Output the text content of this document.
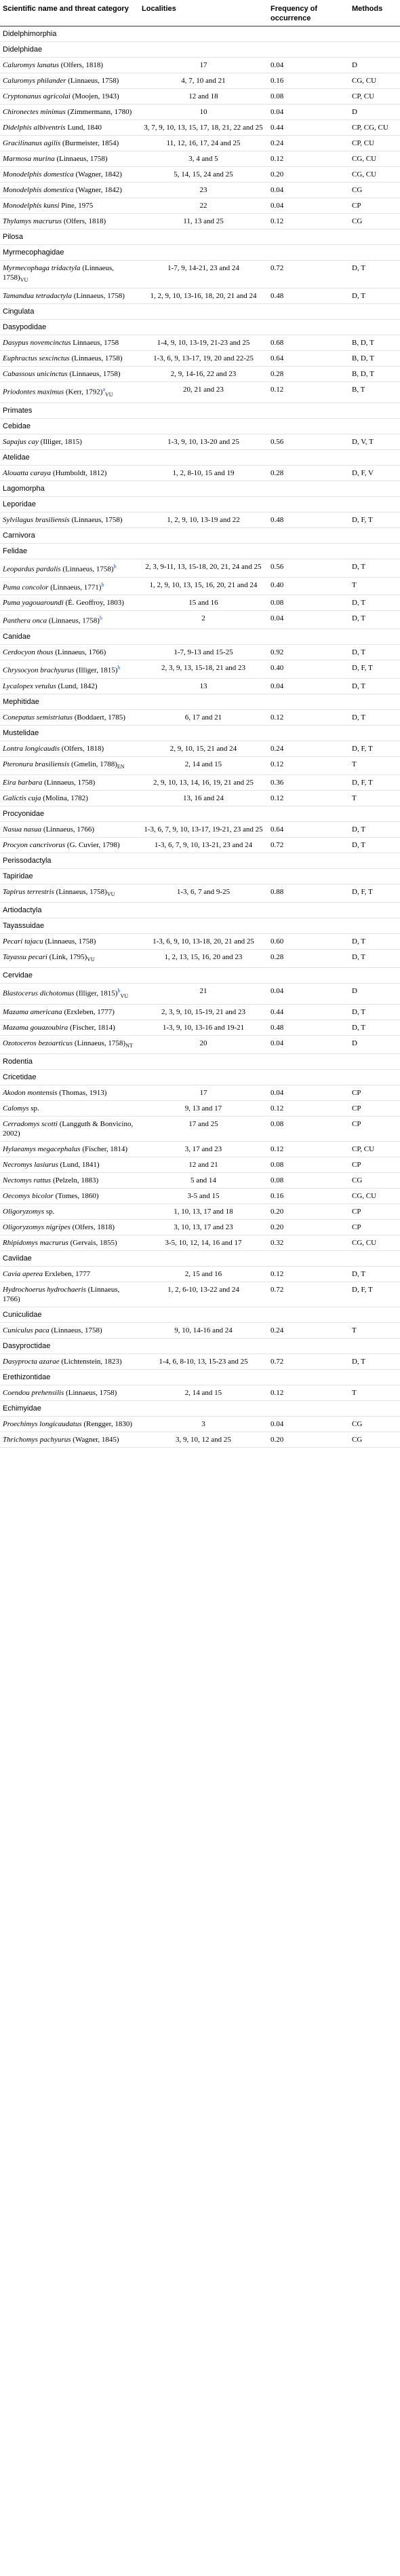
Scientific name and threat category	Localities	Frequency of occurrence	Methods
Didelphimorphia			
Didelphidae			
Caluromys lanatus (Olfers, 1818)	17	0.04	D
Caluromys philander (Linnaeus, 1758)	4, 7, 10 and 21	0.16	CG, CU
Cryptonanus agricolai (Moojen, 1943)	12 and 18	0.08	CP, CU
Chironectes minimus (Zimmermann, 1780)	10	0.04	D
Didelphis albiventris Lund, 1840	3, 7, 9, 10, 13, 15, 17, 18, 21, 22 and 25	0.44	CP, CG, CU
Gracilinanus agilis (Burmeister, 1854)	11, 12, 16, 17, 24 and 25	0.24	CP, CU
Marmosa murina (Linnaeus, 1758)	3, 4 and 5	0.12	CG, CU
Monodelphis domestica (Wagner, 1842)	5, 14, 15, 24 and 25	0.20	CG, CU
Monodelphis domestica (Wagner, 1842)	23	0.04	CG
Monodelphis kunsi Pine, 1975	22	0.04	CP
Thylamys macrurus (Olfers, 1818)	11, 13 and 25	0.12	CG
Pilosa			
Myrmecophagidae			
Myrmecophaga tridactyla (Linnaeus, $1758)_{VU}$	1-7, 9, 14-21, 23 and 24	0.72	D, T
Tamandua tetradactyla (Linnaeus, 1758)	1, 2, 9, 10, 13-16, 18, 20, 21 and 24	0.48	D, T
Cingulata			
Dasypodidae			
Dasypus novemcinctus Linnaeus, 1758	1-4, 9, 10, 13-19, 21-23 and 25	0.68	B, D, T
Euphractus sexcinctus (Linnaeus, 1758)	1-3, 6, 9, 13-17, 19, 20 and 22-25	0.64	B, D, T
Cabassous unicinctus (Linnaeus, 1758)	2, 9, 14-16, 22 and 23	0.28	B, D, T
Priodontes maximus (Kerr, 1792)$^a_{VU}$	20, 21 and 23	0.12	B, T
Primates			
Cebidae			
Sapajus cay (Illiger, 1815)	1-3, 9, 10, 13-20 and 25	0.56	D, V, T
Atelidae			
Alouatta caraya (Humboldt, 1812)	1, 2, 8-10, 15 and 19	0.28	D, F, V
Lagomorpha			
Leporidae			
Sylvilagus brasiliensis (Linnaeus, 1758)	1, 2, 9, 10, 13-19 and 22	0.48	D, F, T
Carnivora			
Felidae			
Leopardus pardalis (Linnaeus, 1758)$^b$	2, 3, 9-11, 13, 15-18, 20, 21, 24 and 25	0.56	D, T
Puma concolor (Linnaeus, 1771)$^b$	1, 2, 9, 10, 13, 15, 16, 20, 21 and 24	0.40	T
Puma yagouaroundi (É. Geoffroy, 1803)	15 and 16	0.08	D, T
Panthera onca (Linnaeus, 1758)$^b$	2	0.04	D, T
Canidae			
Cerdocyon thous (Linnaeus, 1766)	1-7, 9-13 and 15-25	0.92	D, T
Chrysocyon brachyurus (Illiger, 1815)$^b$	2, 3, 9, 13, 15-18, 21 and 23	0.40	D, F, T
Lycalopex vetulus (Lund, 1842)	13	0.04	D, T
Mephitidae			
Conepatus semistriatus (Boddaert, 1785)	6, 17 and 21	0.12	D, T
Mustelidae			
Lontra longicaudis (Olfers, 1818)	2, 9, 10, 15, 21 and 24	0.24	D, F, T
Pteronura brasiliensis (Gmelin, $1788)_{EN}$	2, 14 and 15	0.12	T
Eira barbara (Linnaeus, 1758)	2, 9, 10, 13, 14, 16, 19, 21 and 25	0.36	D, F, T
Galictis cuja (Molina, 1782)	13, 16 and 24	0.12	T
Procyonidae			
Nasua nasua (Linnaeus, 1766)	1-3, 6, 7, 9, 10, 13-17, 19-21, 23 and 25	0.64	D, T
Procyon cancrivorus (G. Cuvier, 1798)	1-3, 6, 7, 9, 10, 13-21, 23 and 24	0.72	D, T
Perissodactyla			
Tapiridae			
Tapirus terrestris (Linnaeus, $1758)_{VU}$	1-3, 6, 7 and 9-25	0.88	D, F, T
Artiodactyla			
Tayassuidae			
Pecari tajacu (Linnaeus, 1758)	1-3, 6, 9, 10, 13-18, 20, 21 and 25	0.60	D, T
Tayassu pecari (Link, $1795)_{VU}$	1, 2, 13, 15, 16, 20 and 23	0.28	D, T
Cervidae			
Blastocerus dichotomus (Illiger, 1815)$^b_{VU}$	21	0.04	D
Mazama americana (Erxleben, 1777)	2, 3, 9, 10, 15-19, 21 and 23	0.44	D, T
Mazama gouazoubira (Fischer, 1814)	1-3, 9, 10, 13-16 and 19-21	0.48	D, T
Ozotoceros bezoarticus (Linnaeus, $1758)_{NT}$	20	0.04	D
Rodentia			
Cricetidae			
Akodon montensis (Thomas, 1913)	17	0.04	CP
Calomys sp.	9, 13 and 17	0.12	CP
Cerradomys scotti (Langguth & Bonvicino, 2002)	17 and 25	0.08	CP
Hylaeamys megacephalus (Fischer, 1814)	3, 17 and 23	0.12	CP, CU
Necromys lasiurus (Lund, 1841)	12 and 21	0.08	CP
Nectomys rattus (Pelzeln, 1883)	5 and 14	0.08	CG
Oecomys bicolor (Tomes, 1860)	3-5 and 15	0.16	CG, CU
Oligoryzomys sp.	1, 10, 13, 17 and 18	0.20	CP
Oligoryzomys nigripes (Olfers, 1818)	3, 10, 13, 17 and 23	0.20	CP
Rhipidomys macrurus (Gervais, 1855)	3-5, 10, 12, 14, 16 and 17	0.32	CG, CU
Caviidae			
Cavia aperea Erxleben, 1777	2, 15 and 16	0.12	D, T
Hydrochoerus hydrochaeris (Linnaeus, 1766)	1, 2, 6-10, 13-22 and 24	0.72	D, F, T
Cuniculidae			
Cuniculus paca (Linnaeus, 1758)	9, 10, 14-16 and 24	0.24	T
Dasyproctidae			
Dasyprocta azarae (Lichtenstein, 1823)	1-4, 6, 8-10, 13, 15-23 and 25	0.72	D, T
Erethizontidae			
Coendou prehensilis (Linnaeus, 1758)	2, 14 and 15	0.12	T
Echimyidae			
Proechimys longicaudatus (Rengger, 1830)	3	0.04	CG
Thrichomys pachyurus (Wagner, 1845)	3, 9, 10, 12 and 25	0.20	CG
